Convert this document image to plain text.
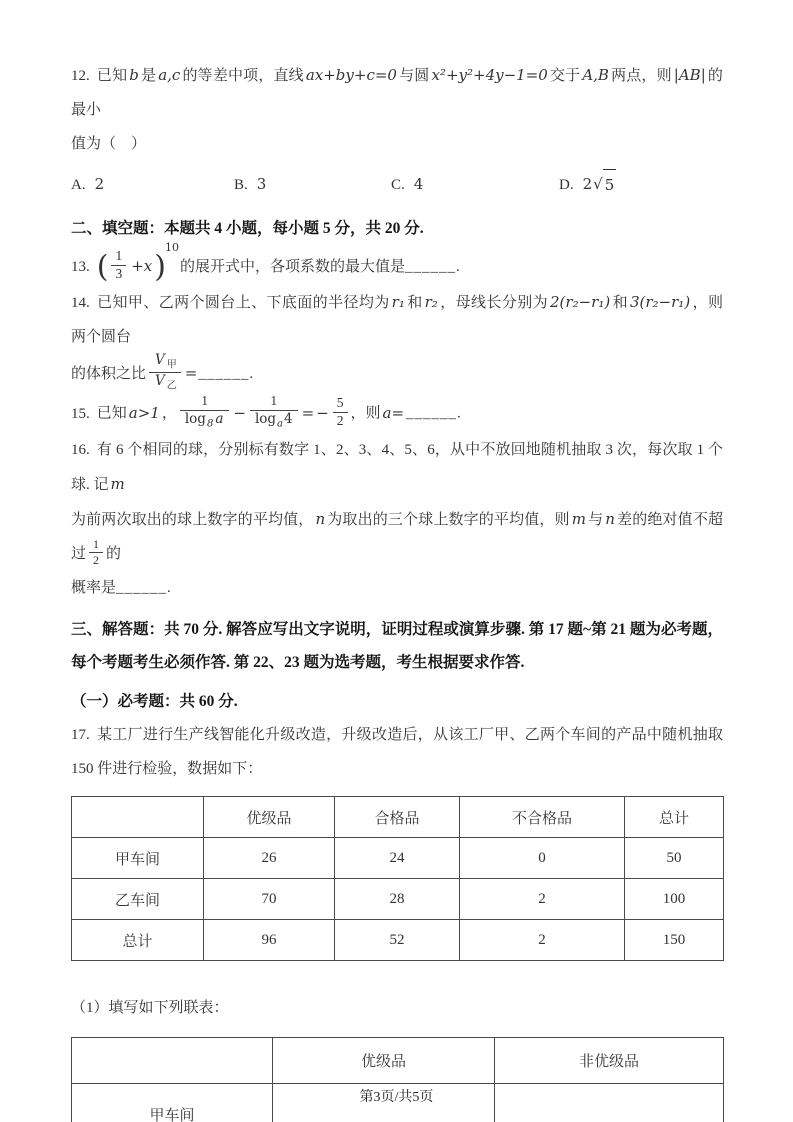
12. 已知 b 是 a,c 的等差中项，直线 ax+by+c=0 与圆 x²+y²+4y−1=0 交于 A,B 两点，则 |AB| 的最小

值为（　）

A. 2	B. 3	C. 4	D. 2 √ 5

二、填空题：本题共 4 小题，每小题 5 分，共 20 分.

13. ( $\frac{1}{3} +x)^{10}$的展开式中，各项系数的最大值是______.

14. 已知甲、乙两个圆台上、下底面的半径均为 r₁ 和 r₂ ，母线长分别为 2(r₂−r₁) 和 3(r₂−r₁) ，则两个圆台

的体积之比 $\frac{V _甲}{V _乙}$ =______.

15. 已知 a>1 ， $\frac{1}{\log_8 a} - \frac{1}{\log_a4}$ = − $\frac{5}{2}$ ，则 a= ______.

16. 有 6 个相同的球，分别标有数字 1、2、3、4、5、6，从中不放回地随机抽取 3 次，每次取 1 个球. 记 m

为前两次取出的球上数字的平均值， n 为取出的三个球上数字的平均值，则 m 与 n 差的绝对值不超过 $\frac{1}{2}$ 的

概率是______.

三、解答题：共 70 分. 解答应写出文字说明，证明过程或演算步骤. 第 17 题~第 21 题为必考题，每个考题考生必须作答. 第 22、23 题为选考题，考生根据要求作答.

（一）必考题：共 60 分.

17. 某工厂进行生产线智能化升级改造，升级改造后，从该工厂甲、乙两个车间的产品中随机抽取 150 件进行检验，数据如下：

	优级品	合格品	不合格品	总计
甲车间	26	24	0	50
乙车间	70	28	2	100
总计	96	52	2	150

（1）填写如下列联表：

	优级品	非优级品
甲车间		
第3页/共5页
